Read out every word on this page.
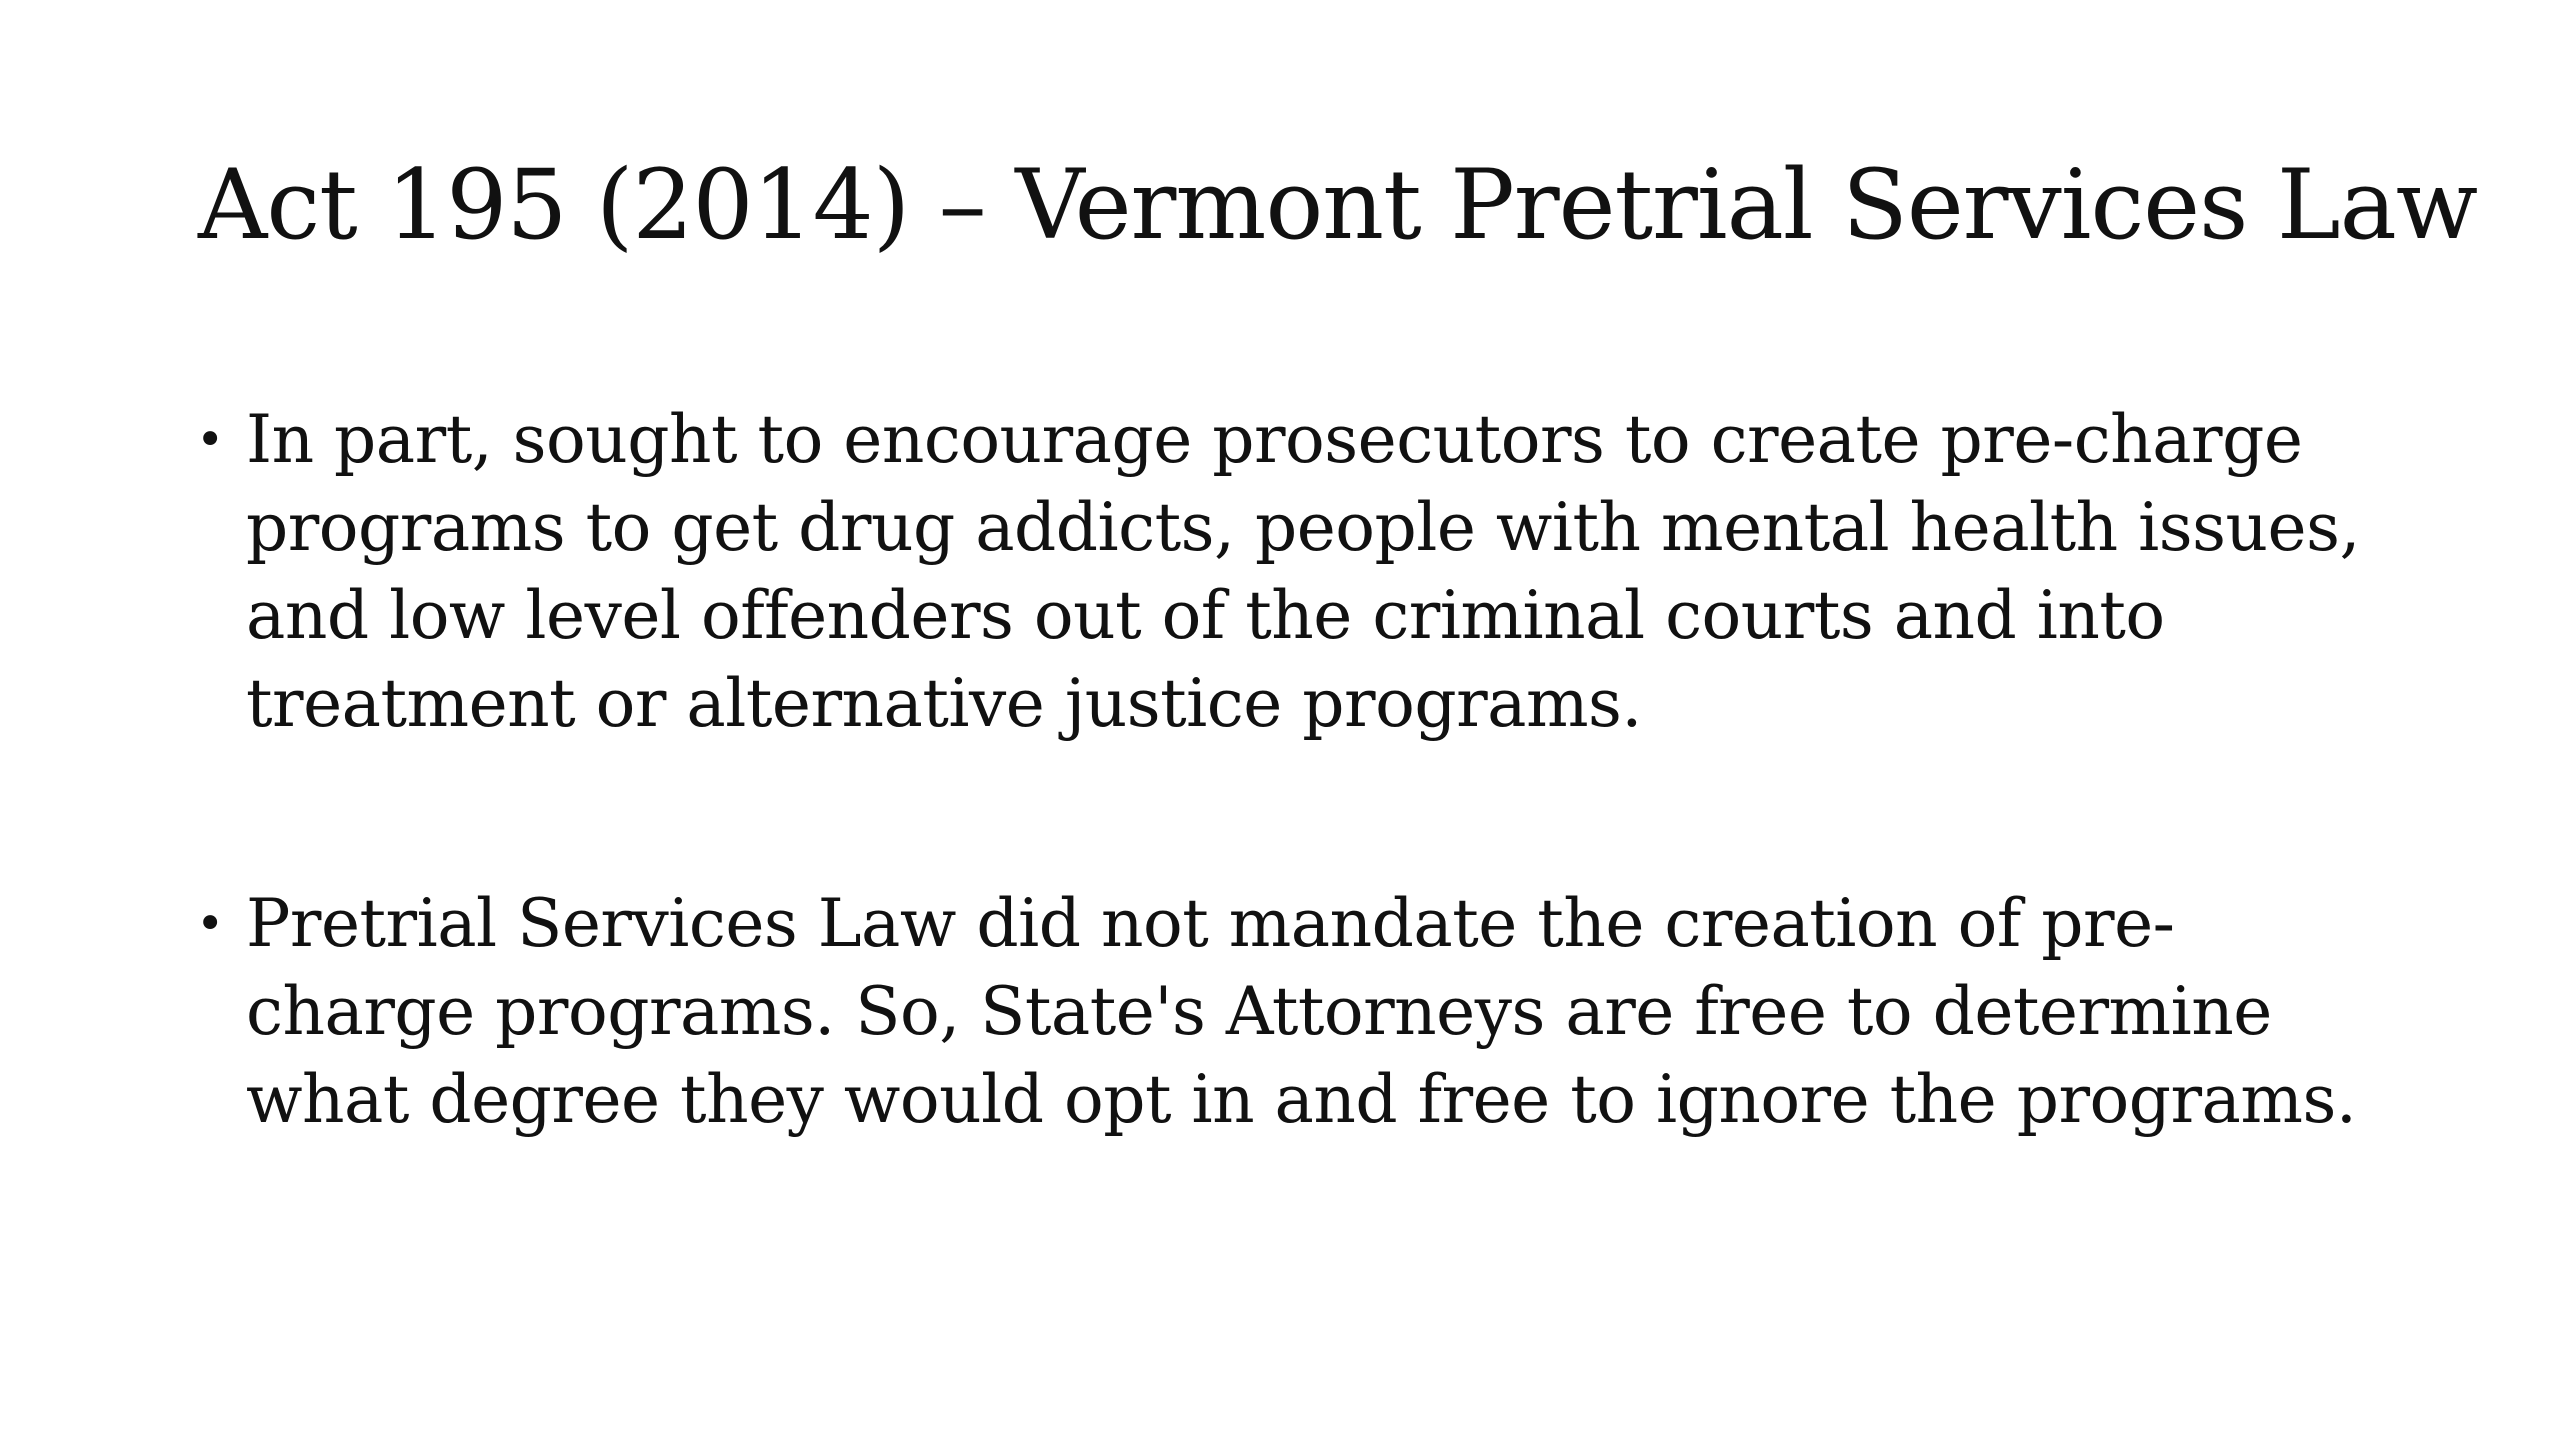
Act 195 (2014) – Vermont Pretrial Services Law
• In part, sought to encourage prosecutors to create pre-charge programs to get drug addicts, people with mental health issues, and low level offenders out of the criminal courts and into treatment or alternative justice programs.
• Pretrial Services Law did not mandate the creation of pre-charge programs. So, State's Attorneys are free to determine what degree they would opt in and free to ignore the programs.
